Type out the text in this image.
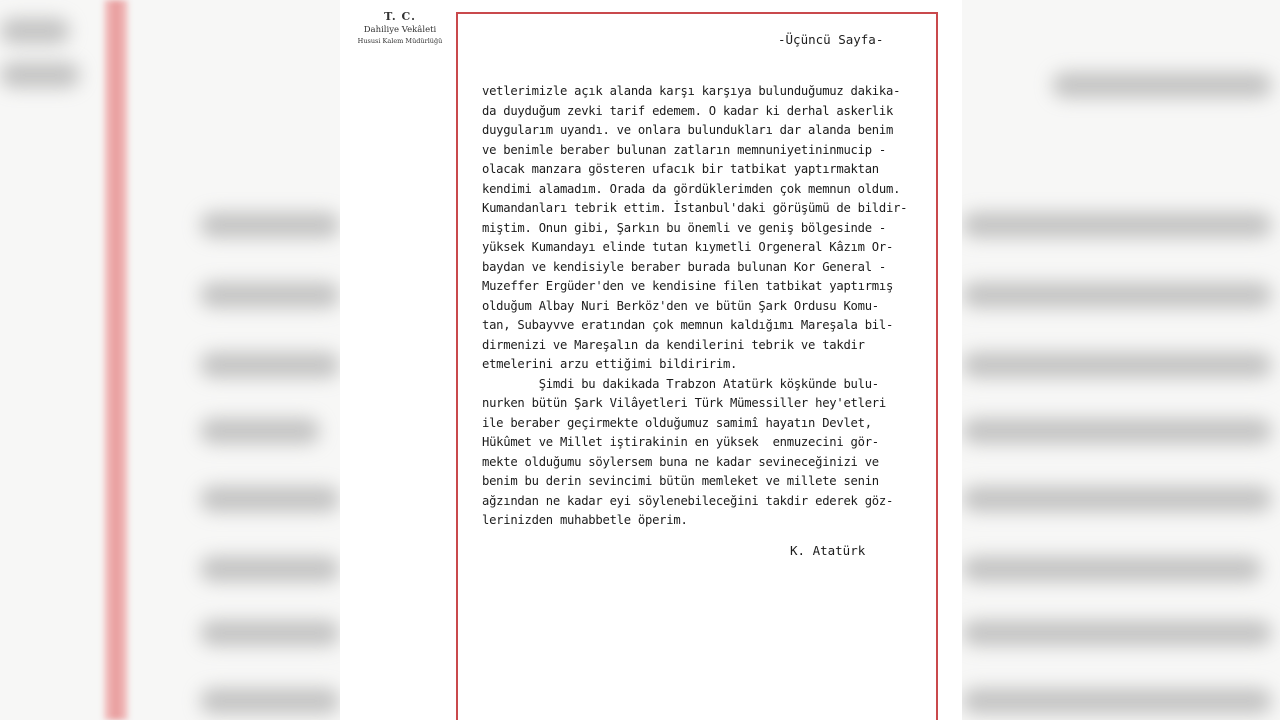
T. C.
Dahiliye Vekâleti
Hususi Kalem Müdürlüğü	-Üçüncü Sayfa-
vetlerimizle açık alanda karşı karşıya bulunduğumuz dakika-
da duyduğum zevki tarif edemem. O kadar ki derhal askerlik
duygularım uyandı. ve onlara bulundukları dar alanda benim
ve benimle beraber bulunan zatların memnuniyetininmucip -
olacak manzara gösteren ufacık bir tatbikat yaptırmaktan
kendimi alamadım. Orada da gördüklerimden çok memnun oldum.
Kumandanları tebrik ettim. İstanbul'daki görüşümü de bildir-
miştim. Onun gibi, Şarkın bu önemli ve geniş bölgesinde -
yüksek Kumandayı elinde tutan kıymetli Orgeneral Kâzım Or-
baydan ve kendisiyle beraber burada bulunan Kor General -
Muzeffer Ergüder'den ve kendisine filen tatbikat yaptırmış
olduğum Albay Nuri Berköz'den ve bütün Şark Ordusu Komu-
tan, Subayvve eratından çok memnun kaldığımı Mareşala bil-
dirmenizi ve Mareşalın da kendilerini tebrik ve takdir
etmelerini arzu ettiğimi bildiririm.
Şimdi bu dakikada Trabzon Atatürk köşkünde bulu-
nurken bütün Şark Vilâyetleri Türk Mümessiller hey'etleri
ile beraber geçirmekte olduğumuz samimî hayatın Devlet,
Hükûmet ve Millet iştirakinin en yüksek  enmuzecini gör-
mekte olduğumu söylersem buna ne kadar sevineceğinizi ve
benim bu derin sevincimi bütün memleket ve millete senin
ağzından ne kadar eyi söylenebileceğini takdir ederek göz-
lerinizden muhabbetle öperim.
K. Atatürk
